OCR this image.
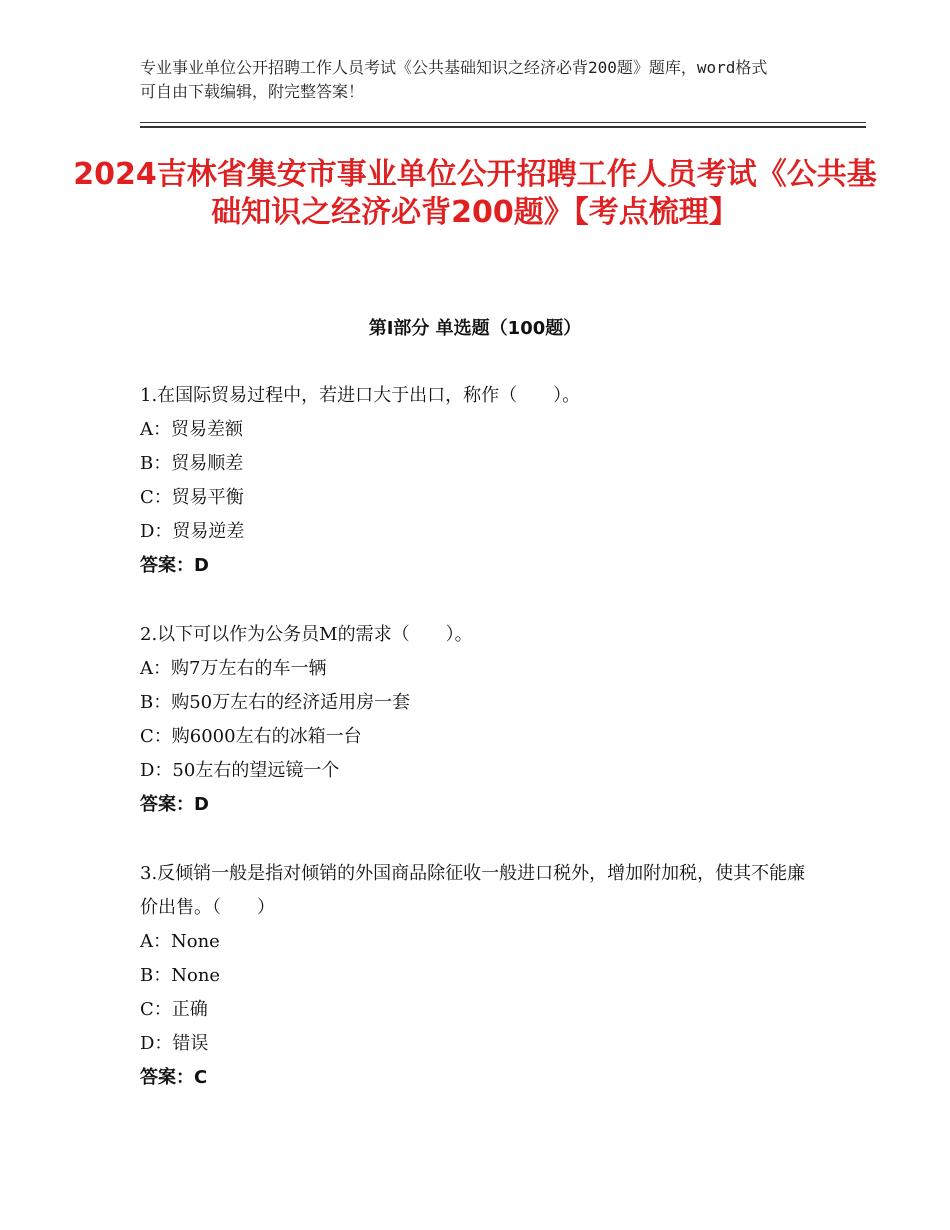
专业事业单位公开招聘工作人员考试《公共基础知识之经济必背200题》题库，word格式可自由下载编辑，附完整答案！
2024吉林省集安市事业单位公开招聘工作人员考试《公共基础知识之经济必背200题》【考点梳理】
第Ⅰ部分 单选题（100题）
1.在国际贸易过程中，若进口大于出口，称作（　　）。
A：贸易差额
B：贸易顺差
C：贸易平衡
D：贸易逆差
答案：D
2.以下可以作为公务员M的需求（　　）。
A：购7万左右的车一辆
B：购50万左右的经济适用房一套
C：购6000左右的冰箱一台
D：50左右的望远镜一个
答案：D
3.反倾销一般是指对倾销的外国商品除征收一般进口税外，增加附加税，使其不能廉价出售。（　　）
A：None
B：None
C：正确
D：错误
答案：C
